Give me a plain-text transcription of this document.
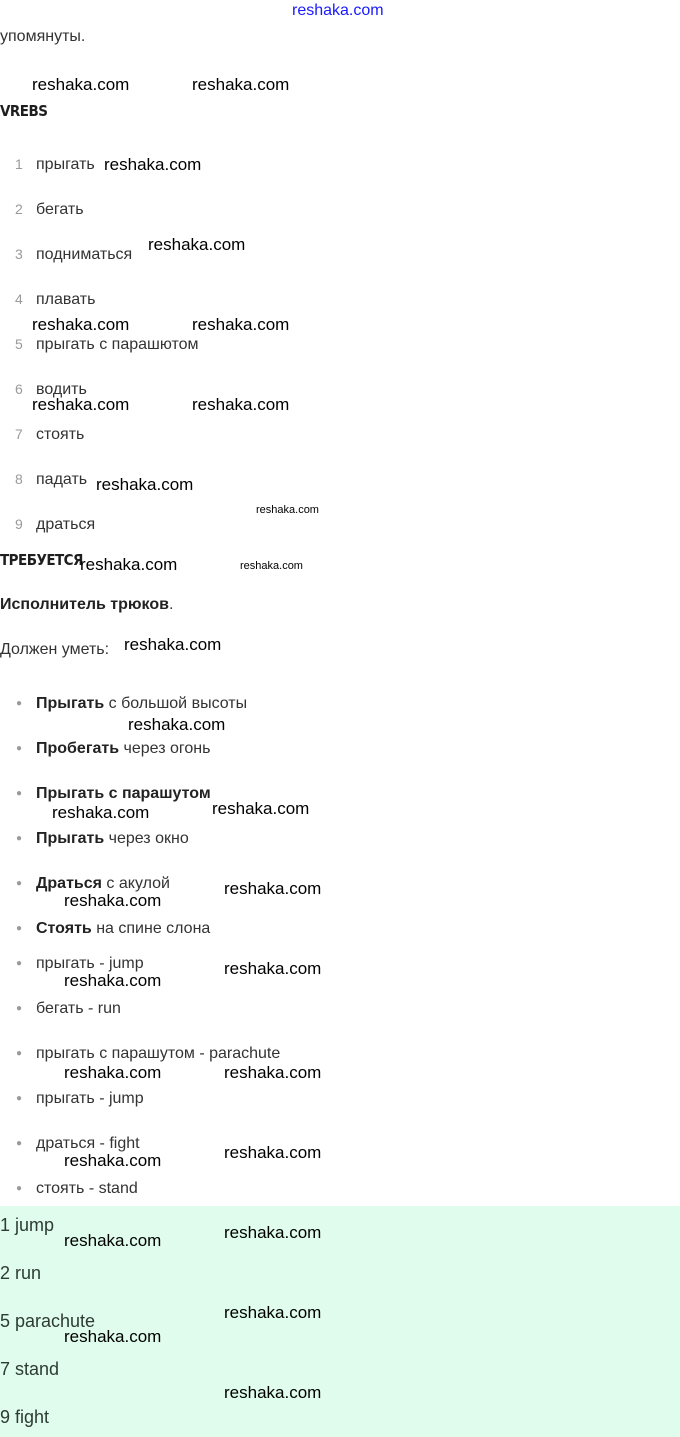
reshaka.com
упомянуты.
VREBS
1 прыгать
2 бегать
3 подниматься
4 плавать
5 прыгать с парашютом
6 водить
7 стоять
8 падать
9 драться
ТРЕБУЕТСЯ
Исполнитель трюков.
Должен уметь:
● Прыгать с большой высоты
● Пробегать через огонь
● Прыгать с парашутом
● Прыгать через окно
● Драться с акулой
● Стоять на спине слона
● прыгать - jump
● бегать - run
● прыгать с парашутом - parachute
● прыгать - jump
● драться - fight
● стоять - stand
1 jump
2 run
5 parachute
7 stand
9 fight
reshaka.com	reshaka.com
reshaka.com
reshaka.com
reshaka.com	reshaka.com
reshaka.com	reshaka.com
reshaka.com
reshaka.com
reshaka.com	reshaka.com
reshaka.com
reshaka.com
reshaka.com	reshaka.com
reshaka.com
reshaka.com
reshaka.com
reshaka.com
reshaka.com	reshaka.com
reshaka.com	reshaka.com
reshaka.com	reshaka.com
reshaka.com
reshaka.com
reshaka.com
